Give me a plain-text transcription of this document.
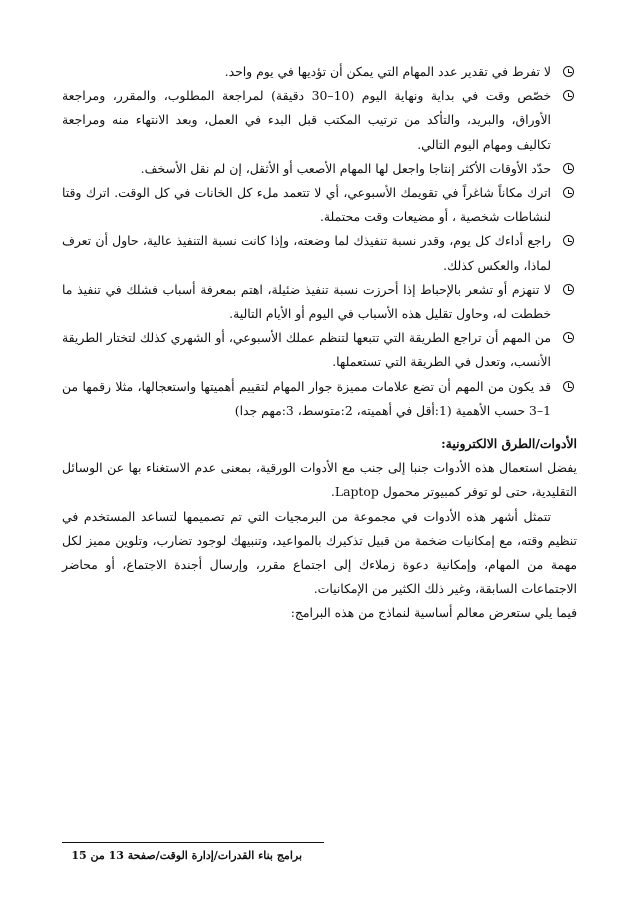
لا تفرط في تقدير عدد المهام التي يمكن أن تؤديها في يوم واحد.
خصّص وقت في بداية ونهاية اليوم (10–30 دقيقة) لمراجعة المطلوب، والمقرر، ومراجعة الأوراق، والبريد، والتأكد من ترتيب المكتب قبل البدء في العمل، وبعد الانتهاء منه ومراجعة تكاليف ومهام اليوم التالي.
حدّد الأوقات الأكثر إنتاجا واجعل لها المهام الأصعب أو الأثقل، إن لم نقل الأسخف.
اترك مكاناً شاغراً في تقويمك الأسبوعي، أي لا تتعمد ملء كل الخانات في كل الوقت. اترك وقتا لنشاطات شخصية ، أو مضيعات وقت محتملة.
راجع أداءك كل يوم، وقدر نسبة تنفيذك لما وضعته، وإذا كانت نسبة التنفيذ عالية، حاول أن تعرف لماذا، والعكس كذلك.
لا تنهزم أو تشعر بالإحباط إذا أحرزت نسبة تنفيذ ضئيلة، اهتم بمعرفة أسباب فشلك في تنفيذ ما خططت له، وحاول تقليل هذه الأسباب في اليوم أو الأيام التالية.
من المهم أن تراجع الطريقة التي تتبعها لتنظم عملك الأسبوعي، أو الشهري كذلك لتختار الطريقة الأنسب، وتعدل في الطريقة التي تستعملها.
قد يكون من المهم أن تضع علامات مميزة جوار المهام لتقييم أهميتها واستعجالها، مثلا رقمها من 1–3 حسب الأهمية (1:أقل في أهميته، 2:متوسط، 3:مهم جدا)
الأدوات/الطرق الالكترونية:
يفضل استعمال هذه الأدوات جنبا إلى جنب مع الأدوات الورقية، بمعنى عدم الاستغناء بها عن الوسائل التقليدية، حتى لو توفر كمبيوتر محمول Laptop.
تتمثل أشهر هذه الأدوات في مجموعة من البرمجيات التي تم تصميمها لتساعد المستخدم في تنظيم وقته، مع إمكانيات ضخمة من قبيل تذكيرك بالمواعيد، وتنبيهك لوجود تضارب، وتلوين مميز لكل مهمة من المهام، وإمكانية دعوة زملاءك إلى اجتماع مقرر، وإرسال أجندة الاجتماع، أو محاضر الاجتماعات السابقة، وغير ذلك الكثير من الإمكانيات.
فيما يلي ستعرض معالم أساسية لنماذج من هذه البرامج:
برامج بناء القدرات/إدارة الوقت/صفحة 13 من 15
